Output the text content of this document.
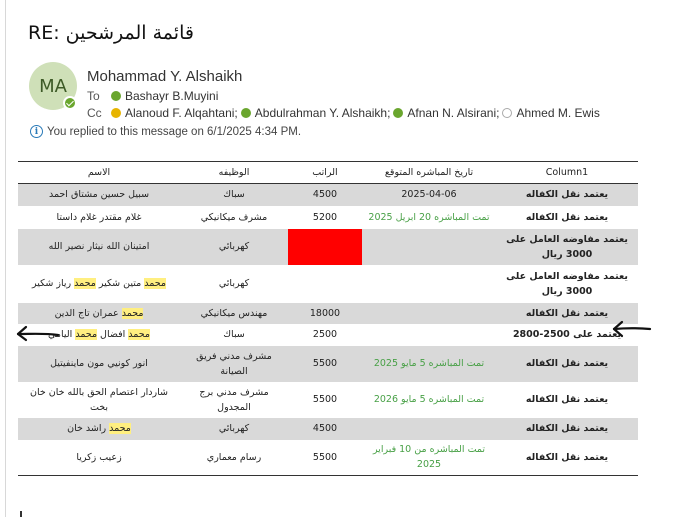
RE: قائمة المرشحين
MA	Mohammad Y. Alshaikh
To	Bashayr B.Muyini
Cc	Alanoud F. Alqahtani; Abdulrahman Y. Alshaikh; Afnan N. Alsirani; Ahmed M. Ewis
i You replied to this message on 6/1/2025 4:34 PM.
الاسم	الوظيفه	الراتب	تاريخ المباشره المتوقع	Column1
سبيل حسين مشتاق احمد	سباك	4500	2025-04-06	يعتمد نقل الكفاله
غلام مقتدر غلام داستا	مشرف ميكانيكي	5200	تمت المباشره 20 ابريل 2025	يعتمد نقل الكفاله
امتينان الله نيثار نصير الله	كهربائي			يعتمد مفاوضه العامل على 3000 ريال
محمد متين شكير محمد رياز شكير	كهربائي			يعتمد مفاوضه العامل على 3000 ريال
محمد عمران تاج الدين	مهندس ميكانيكي	18000		يعتمد نقل الكفاله
محمد افضال محمد اليامي	سباك	2500		يعتمد على 2500-2800
انور كونيي مون ماينفيتيل	مشرف مدني فريق الصيانة	5500	تمت المباشره 5 مايو 2025	يعتمد نقل الكفاله
شاردار اعتصام الحق بالله خان خان بخت	مشرف مدني برج المجدول	5500	تمت المباشره 5 مايو 2026	يعتمد نقل الكفاله
محمد راشد خان	كهربائي	4500		يعتمد نقل الكفاله
زعيب زكريا	رسام معماري	5500	تمت المباشره من 10 فبراير 2025	يعتمد نقل الكفاله
